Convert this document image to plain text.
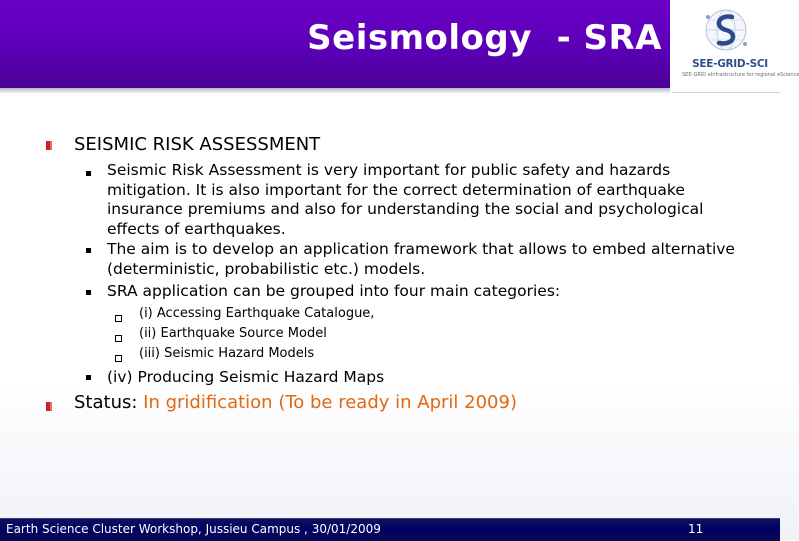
Seismology  - SRA
SEE-GRID-SCI
SEE-GRID eInfrastructure for regional eScience
SEISMIC RISK ASSESSMENT
Seismic Risk Assessment is very important for public safety and hazards mitigation. It is also important for the correct determination of earthquake insurance premiums and also for understanding the social and psychological effects of earthquakes.
The aim is to develop an application framework that allows to embed alternative (deterministic, probabilistic etc.) models.
SRA application can be grouped into four main categories:
(i) Accessing Earthquake Catalogue,
(ii) Earthquake Source Model
(iii) Seismic Hazard Models
(iv) Producing Seismic Hazard Maps
Status: In gridification (To be ready in April 2009)
Earth Science Cluster Workshop, Jussieu Campus , 30/01/2009	11
